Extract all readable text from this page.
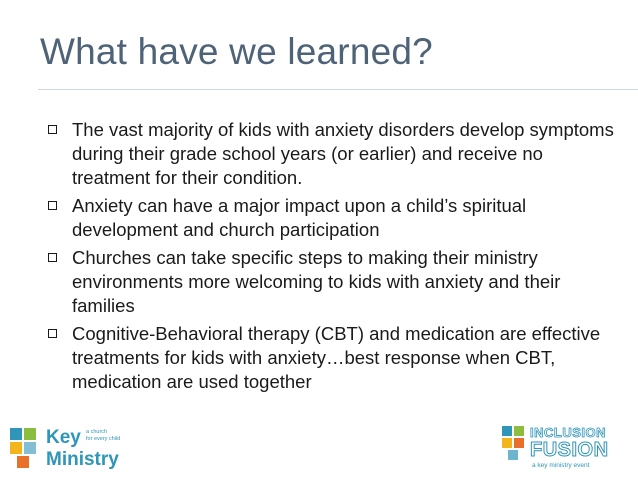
What have we learned?
The vast majority of kids with anxiety disorders develop symptoms during their grade school years (or earlier) and receive no treatment for their condition.
Anxiety can have a major impact upon a child’s spiritual development and church participation
Churches can take specific steps to making their ministry environments more welcoming to kids with anxiety and their families
Cognitive-Behavioral therapy (CBT) and medication are effective treatments for kids with anxiety…best response when CBT, medication are used together
Key a church
for every child
Ministry
INCLUSION
FUSION
a key ministry event
